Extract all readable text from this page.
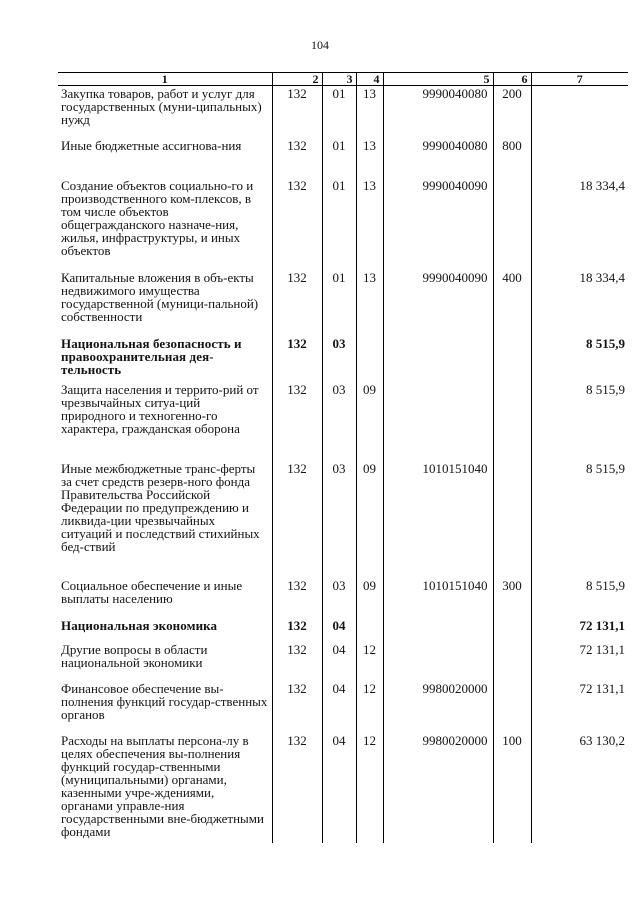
104
1	2	3	4	5	6	7
Закупка товаров, работ и услуг для государственных (муни-ципальных) нужд	132	01	13	9990040080	200	
Иные бюджетные ассигнова-ния	132	01	13	9990040080	800	
Создание объектов социально-го и производственного ком-плексов, в том числе объектов общегражданского назначе-ния, жилья, инфраструктуры, и иных объектов	132	01	13	9990040090		18 334,4
Капитальные вложения в объ-екты недвижимого имущества государственной (муници-пальной) собственности	132	01	13	9990040090	400	18 334,4
Национальная безопасность и правоохранительная дея-тельность	132	03				8 515,9
Защита населения и террито-рий от чрезвычайных ситуа-ций природного и техногенно-го характера, гражданская оборона	132	03	09			8 515,9
Иные межбюджетные транс-ферты за счет средств резерв-ного фонда Правительства Российской Федерации по предупреждению и ликвида-ции чрезвычайных ситуаций и последствий стихийных бед-ствий	132	03	09	1010151040		8 515,9
Социальное обеспечение и иные выплаты населению	132	03	09	1010151040	300	8 515,9
Национальная экономика	132	04				72 131,1
Другие вопросы в области национальной экономики	132	04	12			72 131,1
Финансовое обеспечение вы-полнения функций государ-ственных органов	132	04	12	9980020000		72 131,1
Расходы на выплаты персона-лу в целях обеспечения вы-полнения функций государ-ственными (муниципальными) органами, казенными учре-ждениями, органами управле-ния государственными вне-бюджетными фондами	132	04	12	9980020000	100	63 130,2
